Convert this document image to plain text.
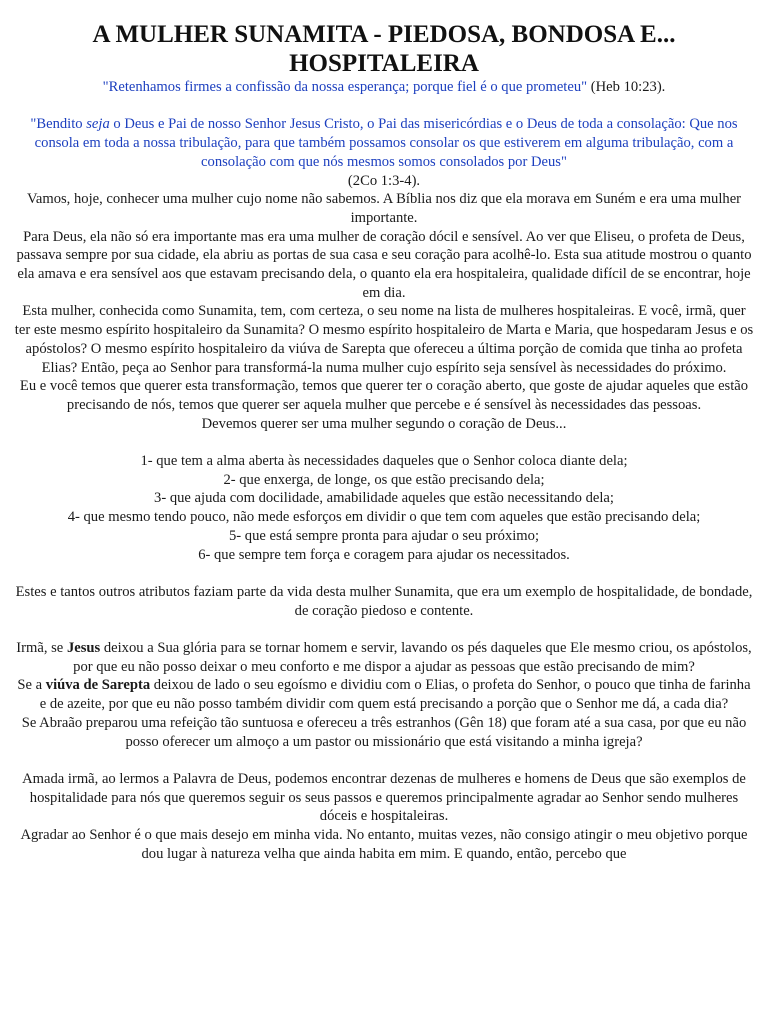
A MULHER SUNAMITA - PIEDOSA, BONDOSA E... HOSPITALEIRA

"Retenhamos firmes a confissão da nossa esperança; porque fiel é o que prometeu" (Heb 10:23).

"Bendito seja o Deus e Pai de nosso Senhor Jesus Cristo, o Pai das misericórdias e o Deus de toda a consolação: Que nos consola em toda a nossa tribulação, para que também possamos consolar os que estiverem em alguma tribulação, com a consolação com que nós mesmos somos consolados por Deus"
(2Co 1:3-4).

Vamos, hoje, conhecer uma mulher cujo nome não sabemos. A Bíblia nos diz que ela morava em Suném e era uma mulher importante.

Para Deus, ela não só era importante mas era uma mulher de coração dócil e sensível. Ao ver que Eliseu, o profeta de Deus, passava sempre por sua cidade, ela abriu as portas de sua casa e seu coração para acolhê-lo. Esta sua atitude mostrou o quanto ela amava e era sensível aos que estavam precisando dela, o quanto ela era hospitaleira, qualidade difícil de se encontrar, hoje em dia.

Esta mulher, conhecida como Sunamita, tem, com certeza, o seu nome na lista de mulheres hospitaleiras. E você, irmã, quer ter este mesmo espírito hospitaleiro da Sunamita? O mesmo espírito hospitaleiro de Marta e Maria, que hospedaram Jesus e os apóstolos? O mesmo espírito hospitaleiro da viúva de Sarepta que ofereceu a última porção de comida que tinha ao profeta Elias? Então, peça ao Senhor para transformá-la numa mulher cujo espírito seja sensível às necessidades do próximo.

Eu e você temos que querer esta transformação, temos que querer ter o coração aberto, que goste de ajudar aqueles que estão precisando de nós, temos que querer ser aquela mulher que percebe e é sensível às necessidades das pessoas.

Devemos querer ser uma mulher segundo o coração de Deus...

1- que tem a alma aberta às necessidades daqueles que o Senhor coloca diante dela;

2- que enxerga, de longe, os que estão precisando dela;

3- que ajuda com docilidade, amabilidade aqueles que estão necessitando dela;

4- que mesmo tendo pouco, não mede esforços em dividir o que tem com aqueles que estão precisando dela;

5- que está sempre pronta para ajudar o seu próximo;

6- que sempre tem força e coragem para ajudar os necessitados.

Estes e tantos outros atributos faziam parte da vida desta mulher Sunamita, que era um exemplo de hospitalidade, de bondade, de coração piedoso e contente.

Irmã, se Jesus deixou a Sua glória para se tornar homem e servir, lavando os pés daqueles que Ele mesmo criou, os apóstolos, por que eu não posso deixar o meu conforto e me dispor a ajudar as pessoas que estão precisando de mim?

Se a viúva de Sarepta deixou de lado o seu egoísmo e dividiu com o Elias, o profeta do Senhor, o pouco que tinha de farinha e de azeite, por que eu não posso também dividir com quem está precisando a porção que o Senhor me dá, a cada dia?

Se Abraão preparou uma refeição tão suntuosa e ofereceu a três estranhos (Gên 18) que foram até a sua casa, por que eu não posso oferecer um almoço a um pastor ou missionário que está visitando a minha igreja?

Amada irmã, ao lermos a Palavra de Deus, podemos encontrar dezenas de mulheres e homens de Deus que são exemplos de hospitalidade para nós que queremos seguir os seus passos e queremos principalmente agradar ao Senhor sendo mulheres dóceis e hospitaleiras.

Agradar ao Senhor é o que mais desejo em minha vida. No entanto, muitas vezes, não consigo atingir o meu objetivo porque dou lugar à natureza velha que ainda habita em mim. E quando, então, percebo que
